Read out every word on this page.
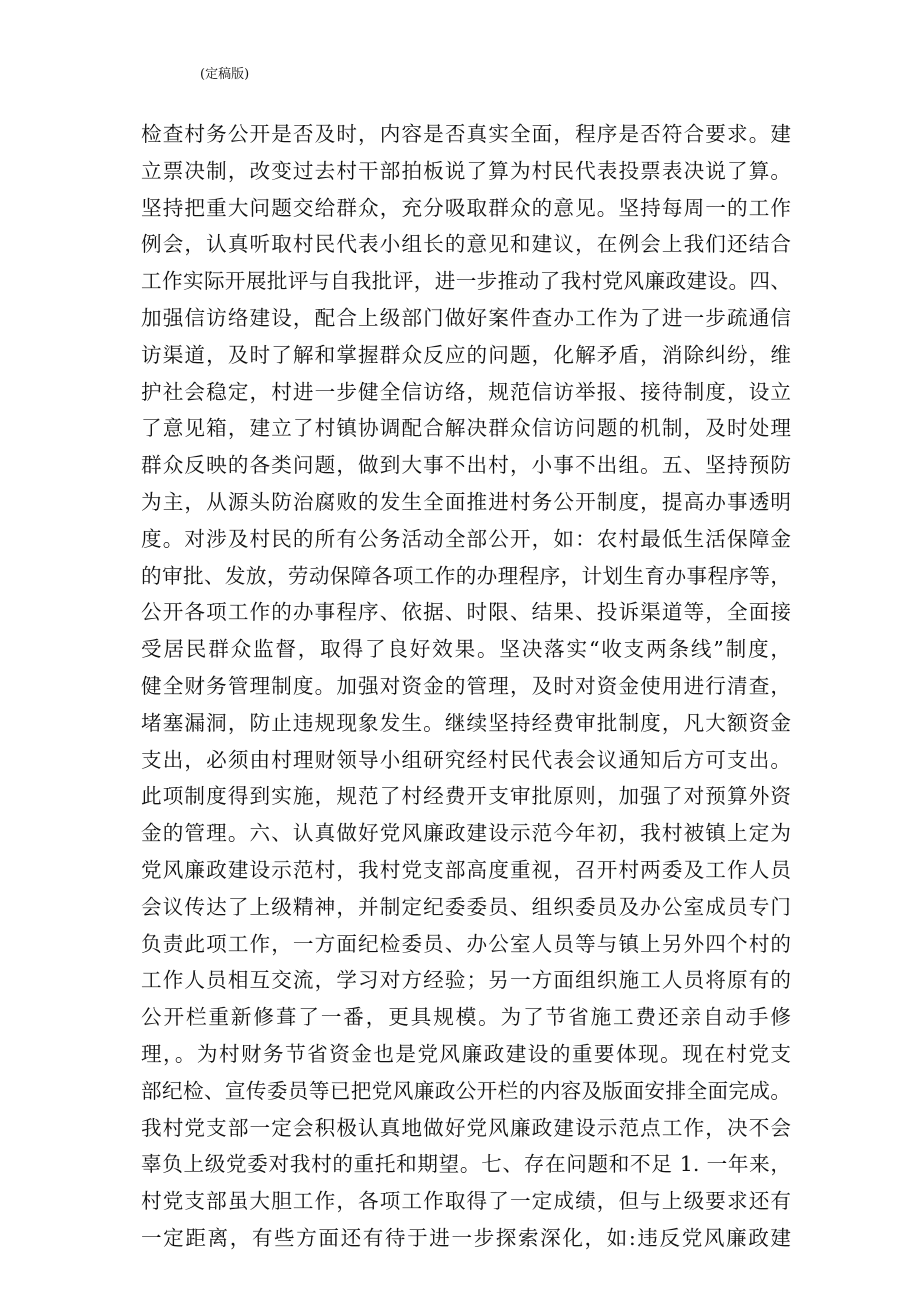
(定稿版)
检查村务公开是否及时，内容是否真实全面，程序是否符合要求。建
立票决制，改变过去村干部拍板说了算为村民代表投票表决说了算。
坚持把重大问题交给群众，充分吸取群众的意见。坚持每周一的工作
例会，认真听取村民代表小组长的意见和建议，在例会上我们还结合
工作实际开展批评与自我批评，进一步推动了我村党风廉政建设。四、
加强信访络建设，配合上级部门做好案件查办工作为了进一步疏通信
访渠道，及时了解和掌握群众反应的问题，化解矛盾，消除纠纷，维
护社会稳定，村进一步健全信访络，规范信访举报、接待制度，设立
了意见箱，建立了村镇协调配合解决群众信访问题的机制，及时处理
群众反映的各类问题，做到大事不出村，小事不出组。五、坚持预防
为主，从源头防治腐败的发生全面推进村务公开制度，提高办事透明
度。对涉及村民的所有公务活动全部公开，如：农村最低生活保障金
的审批、发放，劳动保障各项工作的办理程序，计划生育办事程序等，
公开各项工作的办事程序、依据、时限、结果、投诉渠道等，全面接
受居民群众监督，取得了良好效果。坚决落实“收支两条线”制度，
健全财务管理制度。加强对资金的管理，及时对资金使用进行清查，
堵塞漏洞，防止违规现象发生。继续坚持经费审批制度，凡大额资金
支出，必须由村理财领导小组研究经村民代表会议通知后方可支出。
此项制度得到实施，规范了村经费开支审批原则，加强了对预算外资
金的管理。六、认真做好党风廉政建设示范今年初，我村被镇上定为
党风廉政建设示范村，我村党支部高度重视，召开村两委及工作人员
会议传达了上级精神，并制定纪委委员、组织委员及办公室成员专门
负责此项工作，一方面纪检委员、办公室人员等与镇上另外四个村的
工作人员相互交流，学习对方经验；另一方面组织施工人员将原有的
公开栏重新修葺了一番，更具规模。为了节省施工费还亲自动手修
理，。为村财务节省资金也是党风廉政建设的重要体现。现在村党支
部纪检、宣传委员等已把党风廉政公开栏的内容及版面安排全面完成。
我村党支部一定会积极认真地做好党风廉政建设示范点工作，决不会
辜负上级党委对我村的重托和期望。七、存在问题和不足 1. 一年来，
村党支部虽大胆工作，各项工作取得了一定成绩，但与上级要求还有
一定距离，有些方面还有待于进一步探索深化，如:违反党风廉政建
